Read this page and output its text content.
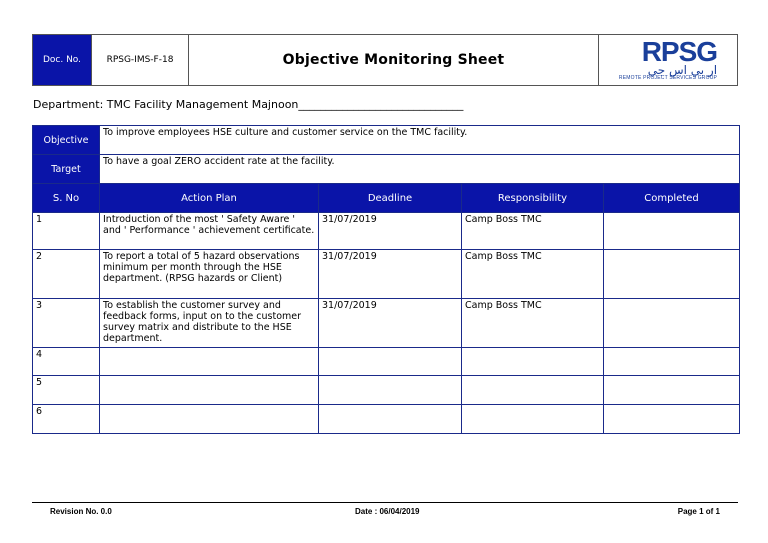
Doc. No.	RPSG-IMS-F-18	Objective Monitoring Sheet	RPSG
ار بي اس جي
REMOTE PROJECT SERVICES GROUP
Department: TMC Facility Management Majnoon______________________________
Objective	To improve employees HSE culture and customer service on the TMC facility.			
Target	To have a goal ZERO accident rate at the facility.			
S. No	Action Plan	Deadline	Responsibility	Completed
1	Introduction of the most ' Safety Aware ' and ' Performance ' achievement certificate.	31/07/2019	Camp Boss TMC	
2	To report a total of 5 hazard observations minimum per month through the HSE department. (RPSG hazards or Client)	31/07/2019	Camp Boss TMC	
3	To establish the customer survey and feedback forms, input on to the customer survey matrix and distribute to the HSE department.	31/07/2019	Camp Boss TMC	
4				
5				
6				
Revision No. 0.0	Date : 06/04/2019	Page 1 of 1
